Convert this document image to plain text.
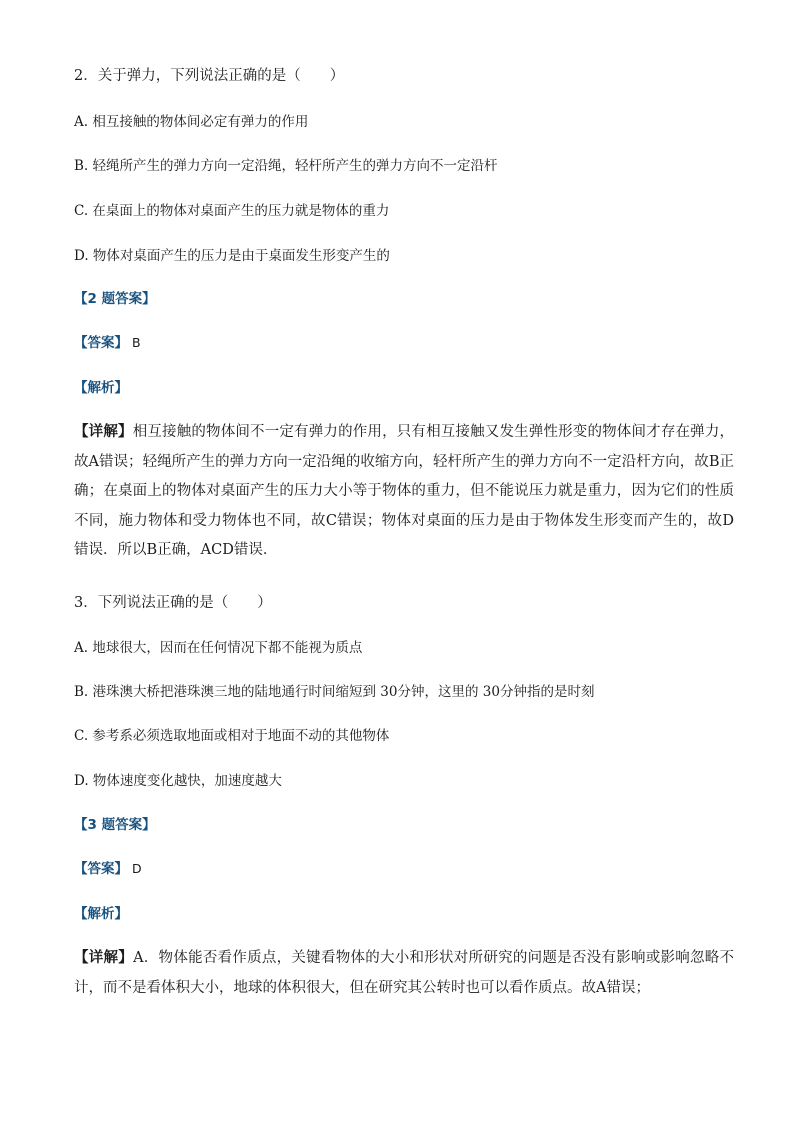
2．关于弹力，下列说法正确的是（　　）
A. 相互接触的物体间必定有弹力的作用
B. 轻绳所产生的弹力方向一定沿绳，轻杆所产生的弹力方向不一定沿杆
C. 在桌面上的物体对桌面产生的压力就是物体的重力
D. 物体对桌面产生的压力是由于桌面发生形变产生的
【2 题答案】
【答案】 B
【解析】
【详解】相互接触的物体间不一定有弹力的作用，只有相互接触又发生弹性形变的物体间才存在弹力，故A错误；轻绳所产生的弹力方向一定沿绳的收缩方向，轻杆所产生的弹力方向不一定沿杆方向，故B正确；在桌面上的物体对桌面产生的压力大小等于物体的重力，但不能说压力就是重力，因为它们的性质不同，施力物体和受力物体也不同，故C错误；物体对桌面的压力是由于物体发生形变而产生的，故D错误．所以B正确，ACD错误．
3．下列说法正确的是（　　）
A. 地球很大，因而在任何情况下都不能视为质点
B. 港珠澳大桥把港珠澳三地的陆地通行时间缩短到 30分钟，这里的 30分钟指的是时刻
C. 参考系必须选取地面或相对于地面不动的其他物体
D. 物体速度变化越快，加速度越大
【3 题答案】
【答案】 D
【解析】
【详解】A．物体能否看作质点，关键看物体的大小和形状对所研究的问题是否没有影响或影响忽略不计，而不是看体积大小，地球的体积很大，但在研究其公转时也可以看作质点。故A错误；
